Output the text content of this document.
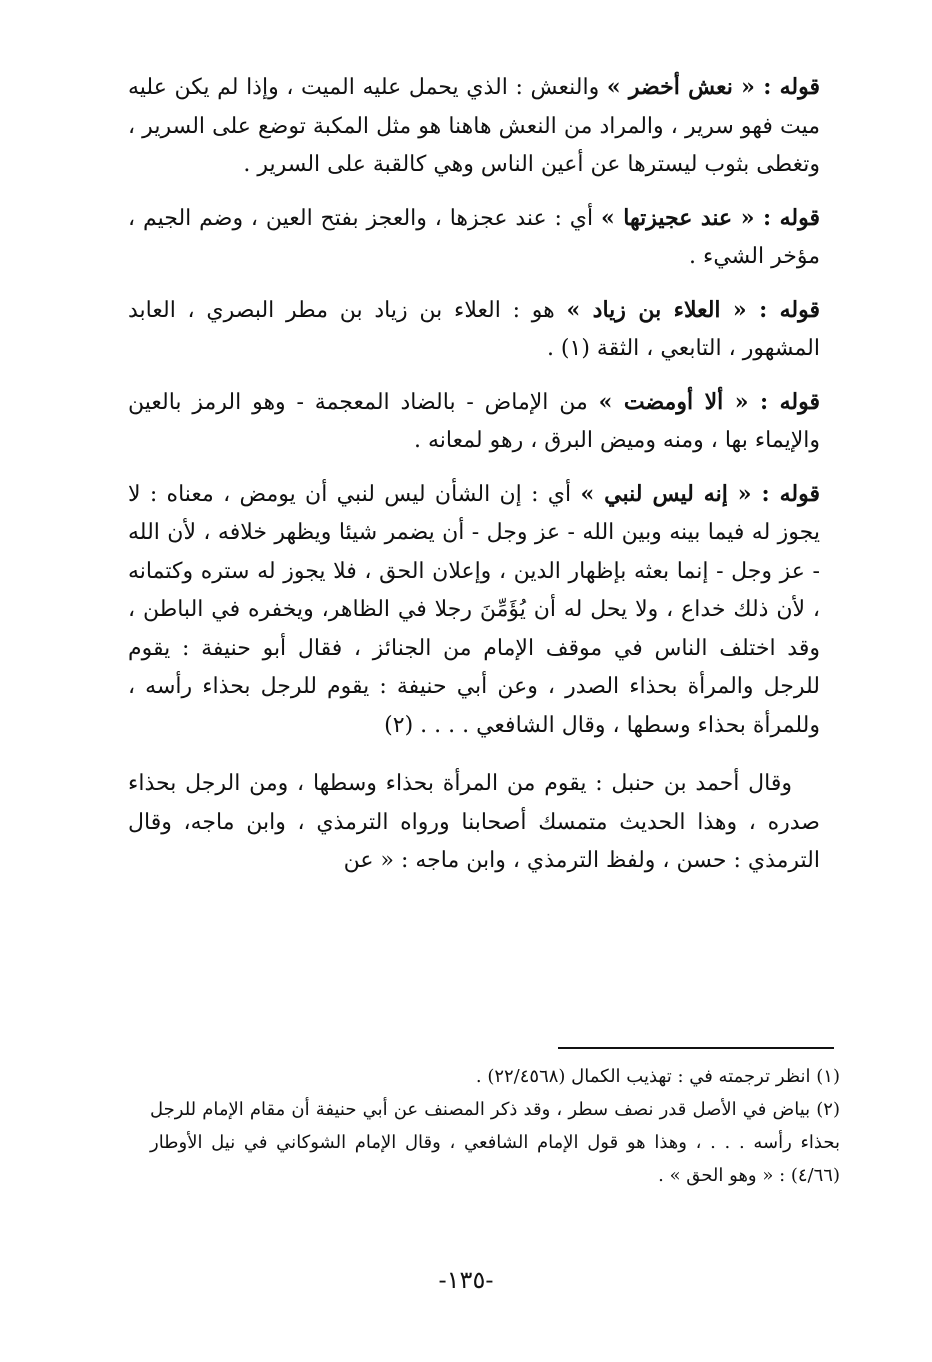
قوله : « نعش أخضر » والنعش : الذي يحمل عليه الميت ، وإذا لم يكن عليه ميت فهو سرير ، والمراد من النعش هاهنا هو مثل المكبة توضع على السرير ، وتغطى بثوب ليسترها عن أعين الناس وهي كالقبة على السرير .

قوله : « عند عجيزتها » أي : عند عجزها ، والعجز بفتح العين ، وضم الجيم ، مؤخر الشيء .

قوله : « العلاء بن زياد » هو : العلاء بن زياد بن مطر البصري ، العابد المشهور ، التابعي ، الثقة (١) .

قوله : « ألا أومضت » من الإماض - بالضاد المعجمة - وهو الرمز بالعين والإيماء بها ، ومنه وميض البرق ، رهو لمعانه .

قوله : « إنه ليس لنبي » أي : إن الشأن ليس لنبي أن يومض ، معناه : لا يجوز له فيما بينه وبين الله - عز وجل - أن يضمر شيئا ويظهر خلافه ، لأن الله - عز وجل - إنما بعثه بإظهار الدين ، وإعلان الحق ، فلا يجوز له ستره وكتمانه ، لأن ذلك خداع ، ولا يحل له أن يُؤَمِّنَ رجلا في الظاهر، ويخفره في الباطن ، وقد اختلف الناس في موقف الإمام من الجنائز ، فقال أبو حنيفة : يقوم للرجل والمرأة بحذاء الصدر ، وعن أبي حنيفة : يقوم للرجل بحذاء رأسه ، وللمرأة بحذاء وسطها ، وقال الشافعي . . . . (٢)

وقال أحمد بن حنبل : يقوم من المرأة بحذاء وسطها ، ومن الرجل بحذاء صدره ، وهذا الحديث متمسك أصحابنا ورواه الترمذي ، وابن ماجه، وقال الترمذي : حسن ، ولفظ الترمذي ، وابن ماجه : « عن

(١) انظر ترجمته في : تهذيب الكمال (٢٢/٤٥٦٨) .

(٢) بياض في الأصل قدر نصف سطر ، وقد ذكر المصنف عن أبي حنيفة أن مقام الإمام للرجل بحذاء رأسه . . . ، وهذا هو قول الإمام الشافعي ، وقال الإمام الشوكاني في نيل الأوطار (٤/٦٦) : « وهو الحق » .

-١٣٥-
